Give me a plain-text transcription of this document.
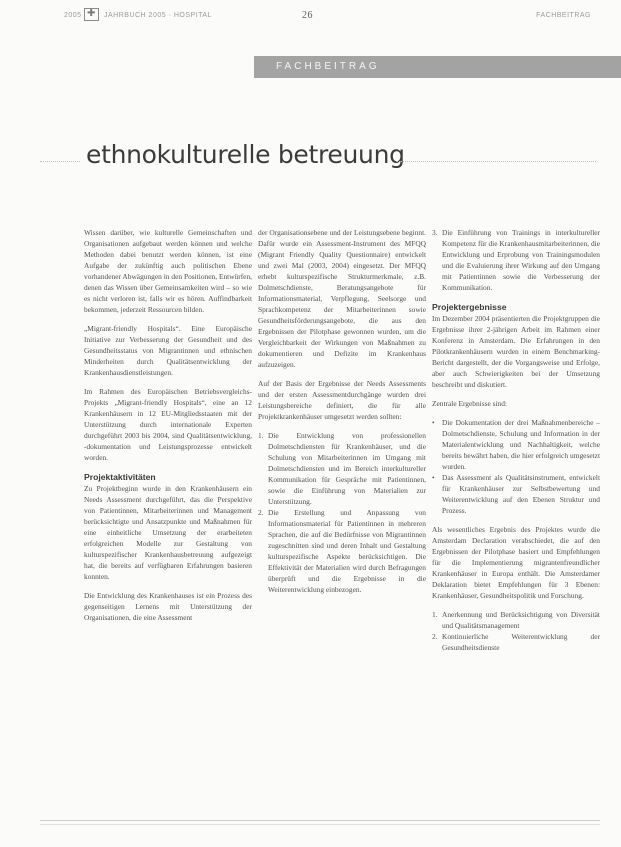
2005 ✚	JAHRBUCH 2005 · HOSPITAL	26	FACHBEITRAG
FACHBEITRAG
ethnokulturelle betreuung

Wissen darüber, wie kulturelle Gemeinschaften und Organisationen aufgebaut werden können und welche Methoden dabei benutzt werden können, ist eine Aufgabe der zukünftig auch politischen Ebene vorhandener Abwägungen in den Positionen, Entwürfen, denen das Wissen über Gemeinsamkeiten wird – so wie es nicht verloren ist, falls wir es hören. Auffindbarkeit bekommen, jederzeit Ressourcen bilden.

„Migrant-friendly Hospitals“. Eine Europäische Initiative zur Verbesserung der Gesundheit und des Gesundheitsstatus von Migrantinnen und ethnischen Minderheiten durch Qualitätsentwicklung der Krankenhausdienstleistungen.

Im Rahmen des Europäischen Betriebsvergleichs-Projekts „Migrant-friendly Hospitals“, eine an 12 Krankenhäusern in 12 EU-Mitgliedsstaaten mit der Unterstützung durch internationale Experten durchgeführt 2003 bis 2004, sind Qualitätsentwicklung, -dokumentation und Leistungsprozesse entwickelt worden.

Projektaktivitäten

Zu Projektbeginn wurde in den Krankenhäusern ein Needs Assessment durchgeführt, das die Perspektive von Patientinnen, Mitarbeiterinnen und Management berücksichtigte und Ansatzpunkte und Maßnahmen für eine einheitliche Umsetzung der erarbeiteten erfolgreichen Modelle zur Gestaltung von kulturspezifischer Krankenhausbetreuung aufgezeigt hat, die bereits auf verfügbaren Erfahrungen basieren konnten.

Die Entwicklung des Krankenhauses ist ein Prozess des gegenseitigen Lernens mit Unterstützung der Organisationen, die eine Assessment

der Organisationsebene und der Leistungsebene beginnt. Dafür wurde ein Assessment-Instrument des MFQQ (Migrant Friendly Quality Questionnaire) entwickelt und zwei Mal (2003, 2004) eingesetzt. Der MFQQ erhebt kulturspezifische Strukturmerkmale, z.B. Dolmetschdienste, Beratungsangebote für Informationsmaterial, Verpflegung, Seelsorge und Sprachkompetenz der Mitarbeiterinnen sowie Gesundheitsförderungsangebote, die aus den Ergebnissen der Pilotphase gewonnen wurden, um die Vergleichbarkeit der Wirkungen von Maßnahmen zu dokumentieren und Defizite im Krankenhaus aufzuzeigen.

Auf der Basis der Ergebnisse der Needs Assessments und der ersten Assessmentdurchgänge wurden drei Leistungsbereiche definiert, die für alle Projektkrankenhäuser umgesetzt werden sollten:

1. Die Entwicklung von professionellen Dolmetschdiensten für Krankenhäuser, und die Schulung von Mitarbeiterinnen im Umgang mit Dolmetschdiensten und im Bereich interkultureller Kommunikation für Gespräche mit Patientinnen, sowie die Einführung von Materialien zur Unterstützung.
2. Die Erstellung und Anpassung von Informationsmaterial für Patientinnen in mehreren Sprachen, die auf die Bedürfnisse von Migrantinnen zugeschnitten sind und deren Inhalt und Gestaltung kulturspezifische Aspekte berücksichtigen. Die Effektivität der Materialien wird durch Befragungen überprüft und die Ergebnisse in die Weiterentwicklung einbezogen.
3. Die Einführung von Trainings in interkultureller Kompetenz für die Krankenhausmitarbeiterinnen, die Entwicklung und Erprobung von Trainingsmodulen und die Evaluierung ihrer Wirkung auf den Umgang mit Patientinnen sowie die Verbesserung der Kommunikation.
Projektergebnisse

Im Dezember 2004 präsentierten die Projektgruppen die Ergebnisse ihrer 2-jährigen Arbeit im Rahmen einer Konferenz in Amsterdam. Die Erfahrungen in den Pilotkrankenhäusern wurden in einem Benchmarking-Bericht dargestellt, der die Vorgangsweise und Erfolge, aber auch Schwierigkeiten bei der Umsetzung beschreibt und diskutiert.

Zentrale Ergebnisse sind:

• Die Dokumentation der drei Maßnahmenbereiche – Dolmetschdienste, Schulung und Information in der Materialentwicklung und Nachhaltigkeit, welche bereits bewährt haben, die hier erfolgreich umgesetzt wurden.
• Das Assessment als Qualitätsinstrument, entwickelt für Krankenhäuser zur Selbstbewertung und Weiterentwicklung auf den Ebenen Struktur und Prozess.

Als wesentliches Ergebnis des Projektes wurde die Amsterdam Declaration verabschiedet, die auf den Ergebnissen der Pilotphase basiert und Empfehlungen für die Implementierung migrantenfreundlicher Krankenhäuser in Europa enthält. Die Amsterdamer Deklaration bietet Empfehlungen für 3 Ebenen: Krankenhäuser, Gesundheitspolitik und Forschung.

1. Anerkennung und Berücksichtigung von Diversität und Qualitätsmanagement
2. Kontinuierliche Weiterentwicklung der Gesundheitsdienste
